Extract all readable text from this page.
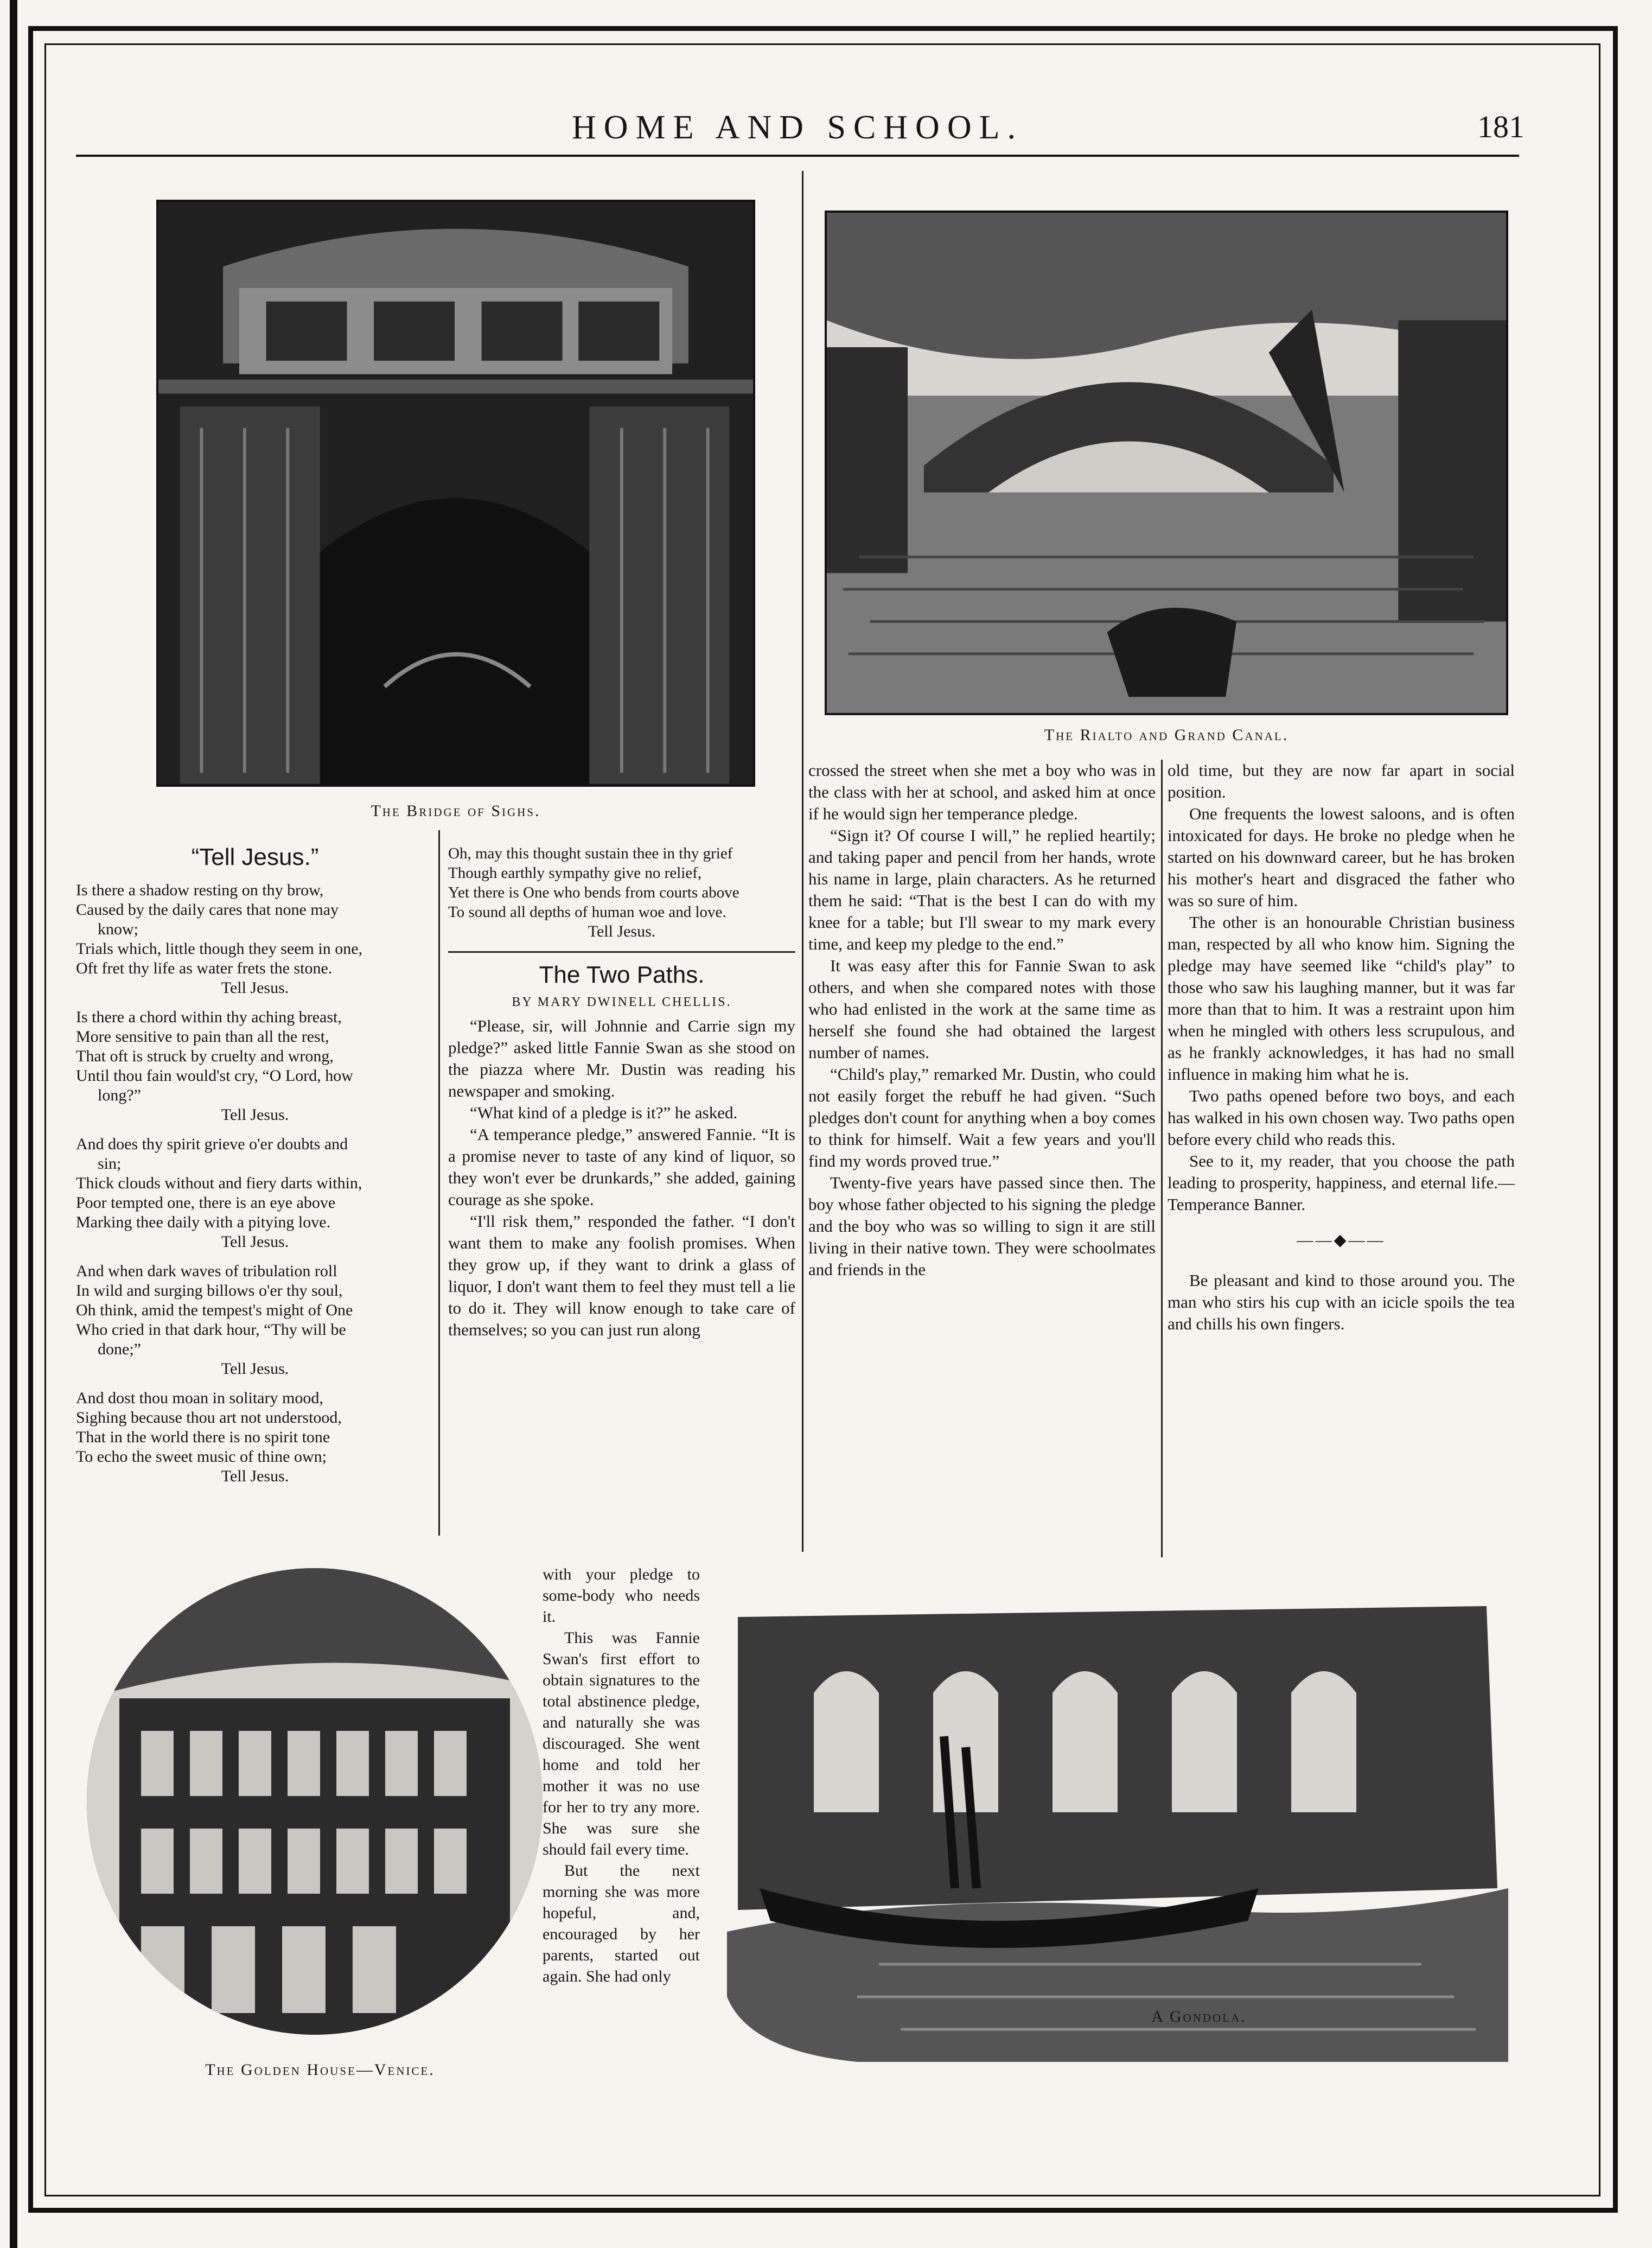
HOME AND SCHOOL.	181
The Bridge of Sighs.
The Rialto and Grand Canal.
“Tell Jesus.”
Is there a shadow resting on thy brow,
Caused by the daily cares that none may
know;
Trials which, little though they seem in one,
Oft fret thy life as water frets the stone.
Tell Jesus.
Is there a chord within thy aching breast,
More sensitive to pain than all the rest,
That oft is struck by cruelty and wrong,
Until thou fain would'st cry, “O Lord, how
long?”
Tell Jesus.
And does thy spirit grieve o'er doubts and
sin;
Thick clouds without and fiery darts within,
Poor tempted one, there is an eye above
Marking thee daily with a pitying love.
Tell Jesus.
And when dark waves of tribulation roll
In wild and surging billows o'er thy soul,
Oh think, amid the tempest's might of One
Who cried in that dark hour, “Thy will be
done;”
Tell Jesus.
And dost thou moan in solitary mood,
Sighing because thou art not understood,
That in the world there is no spirit tone
To echo the sweet music of thine own;
Tell Jesus.
Oh, may this thought sustain thee in thy grief
Though earthly sympathy give no relief,
Yet there is One who bends from courts above
To sound all depths of human woe and love.
Tell Jesus.
The Two Paths.
BY MARY DWINELL CHELLIS.

“Please, sir, will Johnnie and Carrie sign my pledge?” asked little Fannie Swan as she stood on the piazza where Mr. Dustin was reading his newspaper and smoking.

“What kind of a pledge is it?” he asked.

“A temperance pledge,” answered Fannie. “It is a promise never to taste of any kind of liquor, so they won't ever be drunkards,” she added, gaining courage as she spoke.

“I'll risk them,” responded the father. “I don't want them to make any foolish promises. When they grow up, if they want to drink a glass of liquor, I don't want them to feel they must tell a lie to do it. They will know enough to take care of themselves; so you can just run along

with your pledge to some-body who needs it.

This was Fannie Swan's first effort to obtain signatures to the total abstinence pledge, and naturally she was discouraged. She went home and told her mother it was no use for her to try any more. She was sure she should fail every time.

But the next morning she was more hopeful, and, encouraged by her parents, started out again. She had only

crossed the street when she met a boy who was in the class with her at school, and asked him at once if he would sign her temperance pledge.

“Sign it? Of course I will,” he replied heartily; and taking paper and pencil from her hands, wrote his name in large, plain characters. As he returned them he said: “That is the best I can do with my knee for a table; but I'll swear to my mark every time, and keep my pledge to the end.”

It was easy after this for Fannie Swan to ask others, and when she compared notes with those who had enlisted in the work at the same time as herself she found she had obtained the largest number of names.

“Child's play,” remarked Mr. Dustin, who could not easily forget the rebuff he had given. “Such pledges don't count for anything when a boy comes to think for himself. Wait a few years and you'll find my words proved true.”

Twenty-five years have passed since then. The boy whose father objected to his signing the pledge and the boy who was so willing to sign it are still living in their native town. They were schoolmates and friends in the

old time, but they are now far apart in social position.

One frequents the lowest saloons, and is often intoxicated for days. He broke no pledge when he started on his downward career, but he has broken his mother's heart and disgraced the father who was so sure of him.

The other is an honourable Christian business man, respected by all who know him. Signing the pledge may have seemed like “child's play” to those who saw his laughing manner, but it was far more than that to him. It was a restraint upon him when he mingled with others less scrupulous, and as he frankly acknowledges, it has had no small influence in making him what he is.

Two paths opened before two boys, and each has walked in his own chosen way. Two paths open before every child who reads this.

See to it, my reader, that you choose the path leading to prosperity, happiness, and eternal life.—Temperance Banner.

——◆——

Be pleasant and kind to those around you. The man who stirs his cup with an icicle spoils the tea and chills his own fingers.

The Golden House—Venice.
A Gondola.
